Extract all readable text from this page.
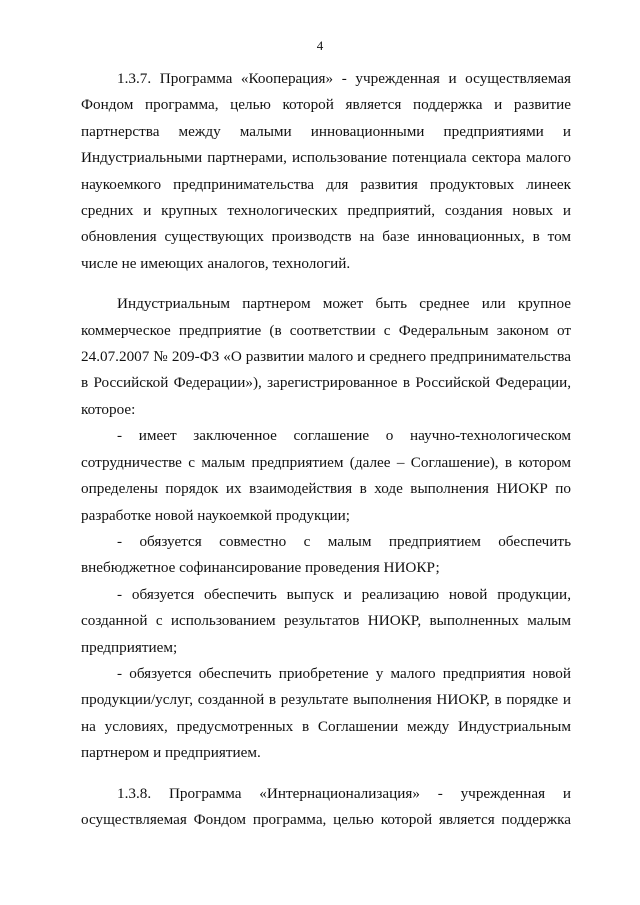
4

1.3.7. Программа «Кооперация» - учрежденная и осуществляемая
Фондом программа, целью которой является поддержка и развитие
партнерства между малыми инновационными предприятиями и
Индустриальными партнерами, использование потенциала сектора малого
наукоемкого предпринимательства для развития продуктовых линеек
средних и крупных технологических предприятий, создания новых и
обновления существующих производств на базе инновационных, в том
числе не имеющих аналогов, технологий.

Индустриальным партнером может быть среднее или крупное
коммерческое предприятие (в соответствии с Федеральным законом от
24.07.2007 № 209-ФЗ «О развитии малого и среднего предпринимательства
в Российской Федерации»), зарегистрированное в Российской Федерации,
которое:

- имеет заключенное соглашение о научно-технологическом
сотрудничестве с малым предприятием (далее – Соглашение), в котором
определены порядок их взаимодействия в ходе выполнения НИОКР по
разработке новой наукоемкой продукции;

- обязуется совместно с малым предприятием обеспечить
внебюджетное софинансирование проведения НИОКР;

- обязуется обеспечить выпуск и реализацию новой продукции,
созданной с использованием результатов НИОКР, выполненных малым
предприятием;

- обязуется обеспечить приобретение у малого предприятия новой
продукции/услуг, созданной в результате выполнения НИОКР, в порядке и
на условиях, предусмотренных в Соглашении между Индустриальным
партнером и предприятием.

1.3.8. Программа «Интернационализация» - учрежденная и
осуществляемая Фондом программа, целью которой является поддержка
